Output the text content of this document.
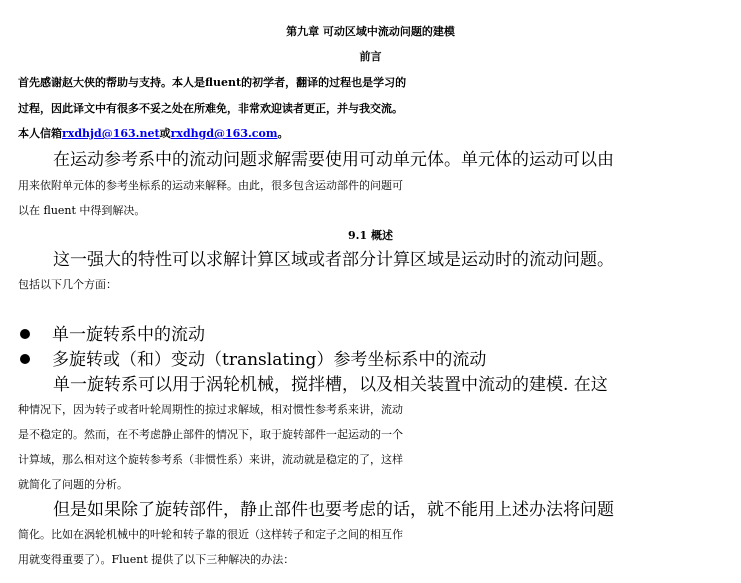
第九章 可动区域中流动问题的建模
前言
首先感谢赵大侠的帮助与支持。本人是fluent的初学者，翻译的过程也是学习的
过程，因此译文中有很多不妥之处在所难免，非常欢迎读者更正，并与我交流。
本人信箱rxdhjd@163.net或rxdhgd@163.com。
在运动参考系中的流动问题求解需要使用可动单元体。单元体的运动可以由
用来依附单元体的参考坐标系的运动来解释。由此，很多包含运动部件的问题可
以在 fluent 中得到解决。
9.1 概述
这一强大的特性可以求解计算区域或者部分计算区域是运动时的流动问题。
包括以下几个方面：
单一旋转系中的流动
多旋转或（和）变动（translating）参考坐标系中的流动
单一旋转系可以用于涡轮机械，搅拌槽，以及相关装置中流动的建模. 在这
种情况下，因为转子或者叶轮周期性的掠过求解域，相对惯性参考系来讲，流动
是不稳定的。然而，在不考虑静止部件的情况下，取于旋转部件一起运动的一个
计算域，那么相对这个旋转参考系（非惯性系）来讲，流动就是稳定的了，这样
就简化了问题的分析。
但是如果除了旋转部件，静止部件也要考虑的话，就不能用上述办法将问题
简化。比如在涡轮机械中的叶轮和转子靠的很近（这样转子和定子之间的相互作
用就变得重要了）。Fluent 提供了以下三种解决的办法：
